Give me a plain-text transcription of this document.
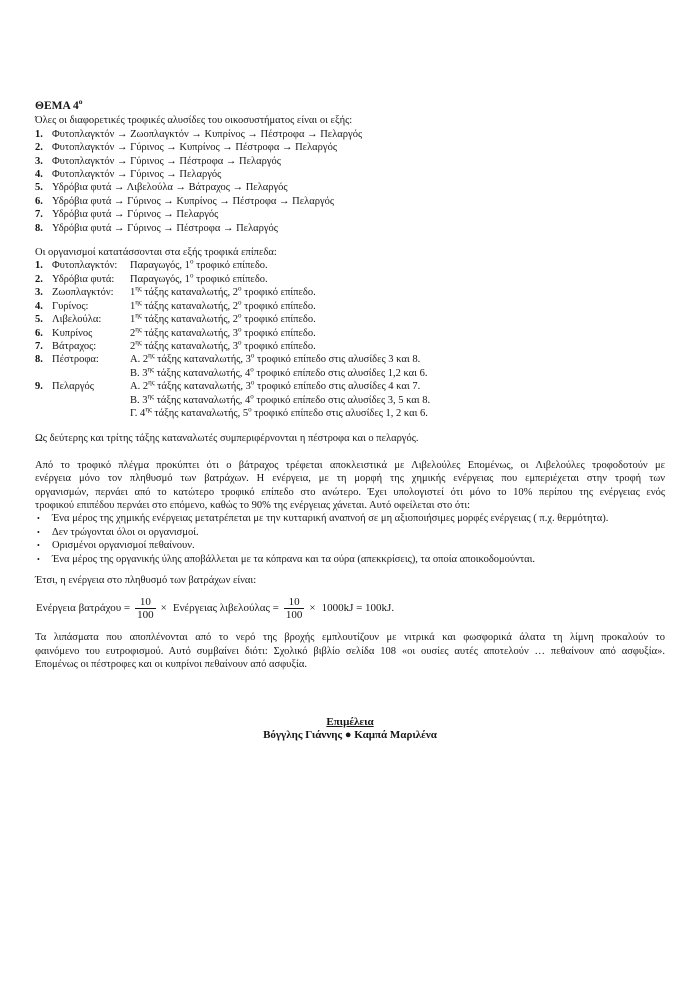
ΘΕΜΑ $4^o$
Όλες οι διαφορετικές τροφικές αλυσίδες του οικοσυστήματος είναι οι εξής:
1. Φυτοπλαγκτόν → Ζωοπλαγκτόν → Κυπρίνος → Πέστροφα → Πελαργός
2. Φυτοπλαγκτόν → Γύρινος → Κυπρίνος → Πέστροφα → Πελαργός
3. Φυτοπλαγκτόν → Γύρινος → Πέστροφα → Πελαργός
4. Φυτοπλαγκτόν → Γύρινος → Πελαργός
5. Υδρόβια φυτά → Λιβελούλα → Βάτραχος → Πελαργός
6. Υδρόβια φυτά → Γύρινος → Κυπρίνος → Πέστροφα → Πελαργός
7. Υδρόβια φυτά → Γύρινος → Πελαργός
8. Υδρόβια φυτά → Γύρινος → Πέστροφα → Πελαργός
Οι οργανισμοί κατατάσσονται στα εξής τροφικά επίπεδα:
1. Φυτοπλαγκτόν:	Παραγωγός, $1^o$ τροφικό επίπεδο.
2. Υδρόβια φυτά:	Παραγωγός, $1^o$ τροφικό επίπεδο.
3. Ζωοπλαγκτόν:	$1^{\eta\varsigma}$ τάξης καταναλωτής, $2^o$ τροφικό επίπεδο.
4. Γυρίνος:	$1^{\eta\varsigma}$ τάξης καταναλωτής, $2^o$ τροφικό επίπεδο.
5. Λιβελούλα:	$1^{\eta\varsigma}$ τάξης καταναλωτής, $2^o$ τροφικό επίπεδο.
6. Κυπρίνος	$2^{\eta\varsigma}$ τάξης καταναλωτής, $3^o$ τροφικό επίπεδο.
7. Βάτραχος:	$2^{\eta\varsigma}$ τάξης καταναλωτής, $3^o$ τροφικό επίπεδο.
8. Πέστροφα:	Α. $2^{\eta\varsigma}$ τάξης καταναλωτής, $3^o$ τροφικό επίπεδο στις αλυσίδες 3 και 8.
Β. $3^{\eta\varsigma}$ τάξης καταναλωτής, $4^o$ τροφικό επίπεδο στις αλυσίδες 1,2 και 6.
9. Πελαργός	Α. $2^{\eta\varsigma}$ τάξης καταναλωτής, $3^o$ τροφικό επίπεδο στις αλυσίδες 4 και 7.
Β. $3^{\eta\varsigma}$ τάξης καταναλωτής, $4^o$ τροφικό επίπεδο στις αλυσίδες 3, 5 και 8.
Γ. $4^{\eta\varsigma}$ τάξης καταναλωτής, $5^o$ τροφικό επίπεδο στις αλυσίδες 1, 2 και 6.
Ως δεύτερης και τρίτης τάξης καταναλωτές συμπεριφέρνονται η πέστροφα και ο πελαργός.
Από το τροφικό πλέγμα προκύπτει ότι ο βάτραχος τρέφεται αποκλειστικά με Λιβελούλες Επομένως, οι Λιβελούλες τροφοδοτούν με
ενέργεια μόνο τον πληθυσμό των βατράχων. Η ενέργεια, με τη μορφή της χημικής ενέργειας που εμπεριέχεται στην τροφή των
οργανισμών, περνάει από το κατώτερο τροφικό επίπεδο στο ανώτερο. Έχει υπολογιστεί ότι μόνο το 10% περίπου της ενέργειας ενός
τροφικού επιπέδου περνάει στο επόμενο, καθώς το 90% της ενέργειας χάνεται. Αυτό οφείλεται στο ότι:
•	Ένα μέρος της χημικής ενέργειας μετατρέπεται με την κυτταρική αναπνοή σε μη αξιοποιήσιμες μορφές ενέργειας ( π.χ. θερμότητα).
•	Δεν τρώγονται όλοι οι οργανισμοί.
•	Ορισμένοι οργανισμοί πεθαίνουν.
•	Ένα μέρος της οργανικής ύλης αποβάλλεται με τα κόπρανα και τα ούρα (απεκκρίσεις), τα οποία αποικοδομούνται.
Έτσι, η ενέργεια στο πληθυσμό των βατράχων είναι:
Ενέργεια $\beta\alpha\tau\rho ά\chi o\upsilon = \frac{10}{100} \times E\nu έ\rho\gamma\varepsilon\iota\alpha\varsigma$ $\lambda\iota\beta\varepsilon\lambda oύ\lambda\alpha\varsigma = \frac{10}{100} \times 1000kJ = 100kJ$.
Τα λιπάσματα που αποπλένονται από το νερό της βροχής εμπλουτίζουν με νιτρικά και φωσφορικά άλατα τη λίμνη προκαλούν το
φαινόμενο του ευτροφισμού. Αυτό συμβαίνει διότι: Σχολικό βιβλίο σελίδα 108 «οι ουσίες αυτές αποτελούν … πεθαίνουν από ασφυξία».
Επομένως οι πέστροφες και οι κυπρίνοι πεθαίνουν από ασφυξία.
Επιμέλεια
Βόγγλης Γιάννης ● Καμπά Μαριλένα
